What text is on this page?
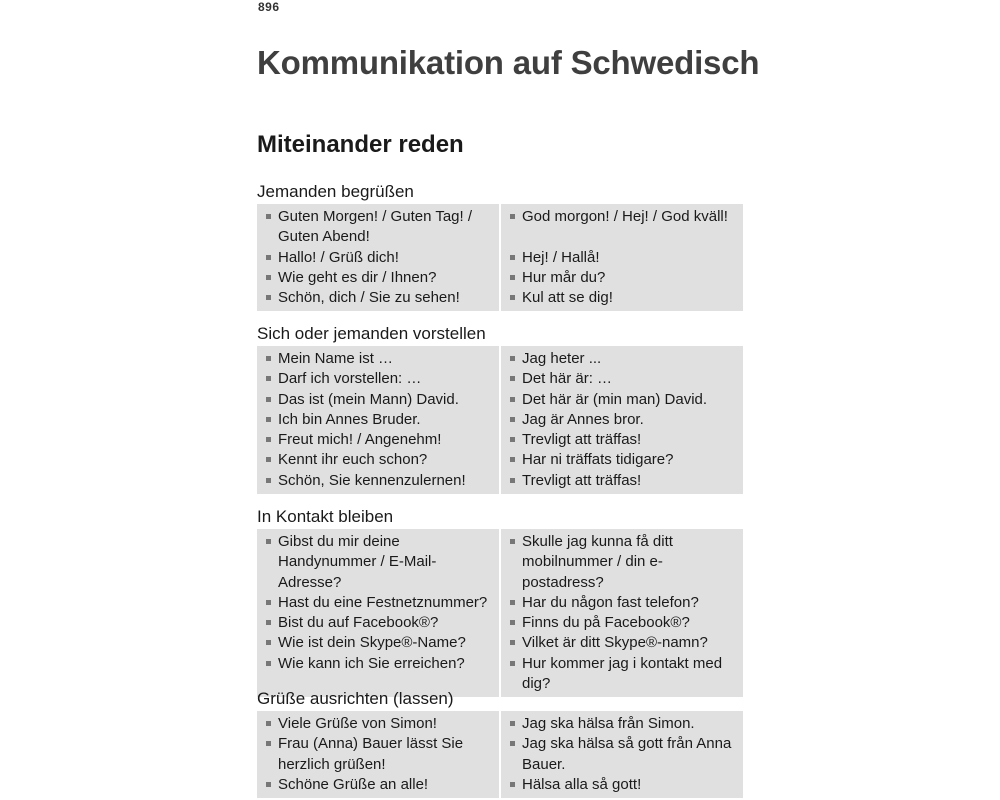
896
Kommunikation auf Schwedisch
Miteinander reden
Jemanden begrüßen
Guten Morgen! / Guten Tag! / Guten Abend!
Hallo! / Grüß dich!
Wie geht es dir / Ihnen?
Schön, dich / Sie zu sehen!
God morgon! / Hej! / God kväll!
Hej! / Hallå!
Hur mår du?
Kul att se dig!
Sich oder jemanden vorstellen
Mein Name ist …
Darf ich vorstellen: …
Das ist (mein Mann) David.
Ich bin Annes Bruder.
Freut mich! / Angenehm!
Kennt ihr euch schon?
Schön, Sie kennenzulernen!
Jag heter ...
Det här är: …
Det här är (min man) David.
Jag är Annes bror.
Trevligt att träffas!
Har ni träffats tidigare?
Trevligt att träffas!
In Kontakt bleiben
Gibst du mir deine Handynummer / E-Mail-Adresse?
Hast du eine Festnetznummer?
Bist du auf Facebook®?
Wie ist dein Skype®-Name?
Wie kann ich Sie erreichen?
Skulle jag kunna få ditt mobilnummer / din e-postadress?
Har du någon fast telefon?
Finns du på Facebook®?
Vilket är ditt Skype®-namn?
Hur kommer jag i kontakt med dig?
Grüße ausrichten (lassen)
Viele Grüße von Simon!
Frau (Anna) Bauer lässt Sie herzlich grüßen!
Schöne Grüße an alle!
Jag ska hälsa från Simon.
Jag ska hälsa så gott från Anna Bauer.
Hälsa alla så gott!
